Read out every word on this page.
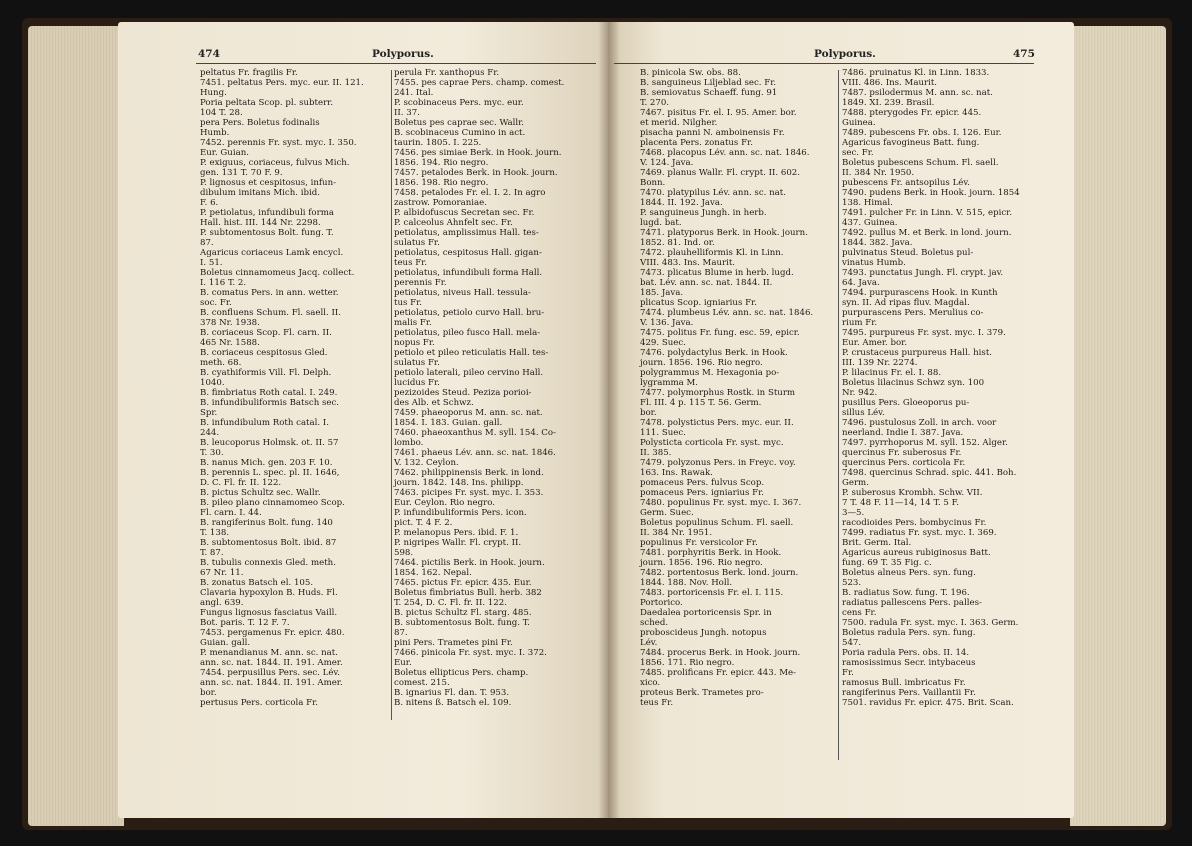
474	Polyporus.	Polyporus.	475
peltatus Fr. fragilis Fr.
7451. peltatus Pers. myc. eur. II. 121.
Hung.
Poria peltata Scop. pl. subterr.
104 T. 28.
pera Pers. Boletus fodinalis
Humb.
7452. perennis Fr. syst. myc. I. 350.
Eur. Guian.
P. exiguus, coriaceus, fulvus Mich.
gen. 131 T. 70 F. 9.
P. lignosus et cespitosus, infun-
dibulum imitans Mich. ibid.
F. 6.
P. petiolatus, infundibuli forma
Hall. hist. III. 144 Nr. 2298.
P. subtomentosus Bolt. fung. T.
87.
Agaricus coriaceus Lamk encycl.
I. 51.
Boletus cinnamomeus Jacq. collect.
I. 116 T. 2.
B. comatus Pers. in ann. wetter.
soc. Fr.
B. confluens Schum. Fl. saell. II.
378 Nr. 1938.
B. coriaceus Scop. Fl. carn. II.
465 Nr. 1588.
B. coriaceus cespitosus Gled.
meth. 68.
B. cyathiformis Vill. Fl. Delph.
1040.
B. fimbriatus Roth catal. I. 249.
B. infundibuliformis Batsch sec.
Spr.
B. infundibulum Roth catal. I.
244.
B. leucoporus Holmsk. ot. II. 57
T. 30.
B. nanus Mich. gen. 203 F. 10.
B. perennis L. spec. pl. II. 1646,
D. C. Fl. fr. II. 122.
B. pictus Schultz sec. Wallr.
B. pileo plano cinnamomeo Scop.
Fl. carn. I. 44.
B. rangiferinus Bolt. fung. 140
T. 138.
B. subtomentosus Bolt. ibid. 87
T. 87.
B. tubulis connexis Gled. meth.
67 Nr. 11.
B. zonatus Batsch el. 105.
Clavaria hypoxylon B. Huds. Fl.
angl. 639.
Fungus lignosus fasciatus Vaill.
Bot. paris. T. 12 F. 7.
7453. pergamenus Fr. epicr. 480.
Guian. gall.
P. menandianus M. ann. sc. nat.
ann. sc. nat. 1844. II. 191. Amer.
7454. perpusillus Pers. sec. Lév.
ann. sc. nat. 1844. II. 191. Amer.
bor.
pertusus Pers. corticola Fr.
perula Fr. xanthopus Fr.
7455. pes caprae Pers. champ. comest.
241. Ital.
P. scobinaceus Pers. myc. eur.
II. 37.
Boletus pes caprae sec. Wallr.
B. scobinaceus Cumino in act.
taurin. 1805. I. 225.
7456. pes simiae Berk. in Hook. journ.
1856. 194. Rio negro.
7457. petalodes Berk. in Hook. journ.
1856. 198. Rio negro.
7458. petalodes Fr. el. I. 2. In agro
zastrow. Pomoraniae.
P. albidofuscus Secretan sec. Fr.
P. calceolus Ahnfelt sec. Fr.
petiolatus, amplissimus Hall. tes-
sulatus Fr.
petiolatus, cespitosus Hall. gigan-
teus Fr.
petiolatus, infundibuli forma Hall.
perennis Fr.
petiolatus, niveus Hall. tessula-
tus Fr.
petiolatus, petiolo curvo Hall. bru-
malis Fr.
petiolatus, pileo fusco Hall. mela-
nopus Fr.
petiolo et pileo reticulatis Hall. tes-
sulatus Fr.
petiolo laterali, pileo cervino Hall.
lucidus Fr.
pezizoides Steud. Peziza porioi-
des Alb. et Schwz.
7459. phaeoporus M. ann. sc. nat.
1854. I. 183. Guian. gall.
7460. phaeoxanthus M. syll. 154. Co-
lombo.
7461. phaeus Lév. ann. sc. nat. 1846.
V. 132. Ceylon.
7462. philippinensis Berk. in lond.
journ. 1842. 148. Ins. philipp.
7463. picipes Fr. syst. myc. I. 353.
Eur. Ceylon. Rio negro.
P. infundibuliformis Pers. icon.
pict. T. 4 F. 2.
P. melanopus Pers. ibid. F. 1.
P. nigripes Wallr. Fl. crypt. II.
598.
7464. pictilis Berk. in Hook. journ.
1854. 162. Nepal.
7465. pictus Fr. epicr. 435. Eur.
Boletus fimbriatus Bull. herb. 382
T. 254, D. C. Fl. fr. II. 122.
B. pictus Schultz Fl. starg. 485.
B. subtomentosus Bolt. fung. T.
87.
pini Pers. Trametes pini Fr.
7466. pinicola Fr. syst. myc. I. 372.
Eur.
Boletus ellipticus Pers. champ.
comest. 215.
B. ignarius Fl. dan. T. 953.
B. nitens ß. Batsch el. 109.
B. pinicola Sw. obs. 88.
B. sanguineus Liljeblad sec. Fr.
B. semiovatus Schaeff. fung. 91
T. 270.
7467. pisitus Fr. el. I. 95. Amer. bor.
et merid. Nilgher.
pisacha panni N. amboinensis Fr.
placenta Pers. zonatus Fr.
7468. placopus Lév. ann. sc. nat. 1846.
V. 124. Java.
7469. planus Wallr. Fl. crypt. II. 602.
Bonn.
7470. platypilus Lév. ann. sc. nat.
1844. II. 192. Java.
P. sanguineus Jungh. in herb.
lugd. bat.
7471. platyporus Berk. in Hook. journ.
1852. 81. Ind. or.
7472. plauhelliformis Kl. in Linn.
VIII. 483. Ins. Maurit.
7473. plicatus Blume in herb. lugd.
bat. Lév. ann. sc. nat. 1844. II.
185. Java.
plicatus Scop. igniarius Fr.
7474. plumbeus Lév. ann. sc. nat. 1846.
V. 136. Java.
7475. politus Fr. fung. esc. 59, epicr.
429. Suec.
7476. polydactylus Berk. in Hook.
journ. 1856. 196. Rio negro.
polygrammus M. Hexagonia po-
lygramma M.
7477. polymorphus Rostk. in Sturm
Fl. III. 4 p. 115 T. 56. Germ.
bor.
7478. polystictus Pers. myc. eur. II.
111. Suec.
Polysticta corticola Fr. syst. myc.
II. 385.
7479. polyzonus Pers. in Freyc. voy.
163. Ins. Rawak.
pomaceus Pers. fulvus Scop.
pomaceus Pers. igniarius Fr.
7480. populinus Fr. syst. myc. I. 367.
Germ. Suec.
Boletus populinus Schum. Fl. saell.
II. 384 Nr. 1951.
populinus Fr. versicolor Fr.
7481. porphyritis Berk. in Hook.
journ. 1856. 196. Rio negro.
7482. portentosus Berk. lond. journ.
1844. 188. Nov. Holl.
7483. portoricensis Fr. el. I. 115.
Portorico.
Daedalea portoricensis Spr. in
sched.
proboscideus Jungh. notopus
Lév.
7484. procerus Berk. in Hook. journ.
1856. 171. Rio negro.
7485. prolificans Fr. epicr. 443. Me-
xico.
proteus Berk. Trametes pro-
teus Fr.
7486. pruinatus Kl. in Linn. 1833.
VIII. 486. Ins. Maurit.
7487. psilodermus M. ann. sc. nat.
1849. XI. 239. Brasil.
7488. pterygodes Fr. epicr. 445.
Guinea.
7489. pubescens Fr. obs. I. 126. Eur.
Agaricus favogineus Batt. fung.
sec. Fr.
Boletus pubescens Schum. Fl. saell.
II. 384 Nr. 1950.
pubescens Fr. antsopilus Lév.
7490. pudens Berk. in Hook. journ. 1854
138. Himal.
7491. pulcher Fr. in Linn. V. 515, epicr.
437. Guinea.
7492. pullus M. et Berk. in lond. journ.
1844. 382. Java.
pulvinatus Steud. Boletus pul-
vinatus Humb.
7493. punctatus Jungh. Fl. crypt. jav.
64. Java.
7494. purpurascens Hook. in Kunth
syn. II. Ad ripas fluv. Magdal.
purpurascens Pers. Merulius co-
rium Fr.
7495. purpureus Fr. syst. myc. I. 379.
Eur. Amer. bor.
P. crustaceus purpureus Hall. hist.
III. 139 Nr. 2274.
P. lilacinus Fr. el. I. 88.
Boletus lilacinus Schwz syn. 100
Nr. 942.
pusillus Pers. Gloeoporus pu-
sillus Lév.
7496. pustulosus Zoll. in arch. voor
neerland. Indie I. 387. Java.
7497. pyrrhoporus M. syll. 152. Alger.
quercinus Fr. suberosus Fr.
quercinus Pers. corticola Fr.
7498. quercinus Schrad. spic. 441. Boh.
Germ.
P. suberosus Krombh. Schw. VII.
7 T. 48 F. 11—14, 14 T. 5 F.
3—5.
racodioides Pers. bombycinus Fr.
7499. radiatus Fr. syst. myc. I. 369.
Brit. Germ. Ital.
Agaricus aureus rubiginosus Batt.
fung. 69 T. 35 Fig. c.
Boletus alneus Pers. syn. fung.
523.
B. radiatus Sow. fung. T. 196.
radiatus pallescens Pers. palles-
cens Fr.
7500. radula Fr. syst. myc. I. 363. Germ.
Boletus radula Pers. syn. fung.
547.
Poria radula Pers. obs. II. 14.
ramosissimus Secr. intybaceus
Fr.
ramosus Bull. imbricatus Fr.
rangiferinus Pers. Vaillantii Fr.
7501. ravidus Fr. epicr. 475. Brit. Scan.
